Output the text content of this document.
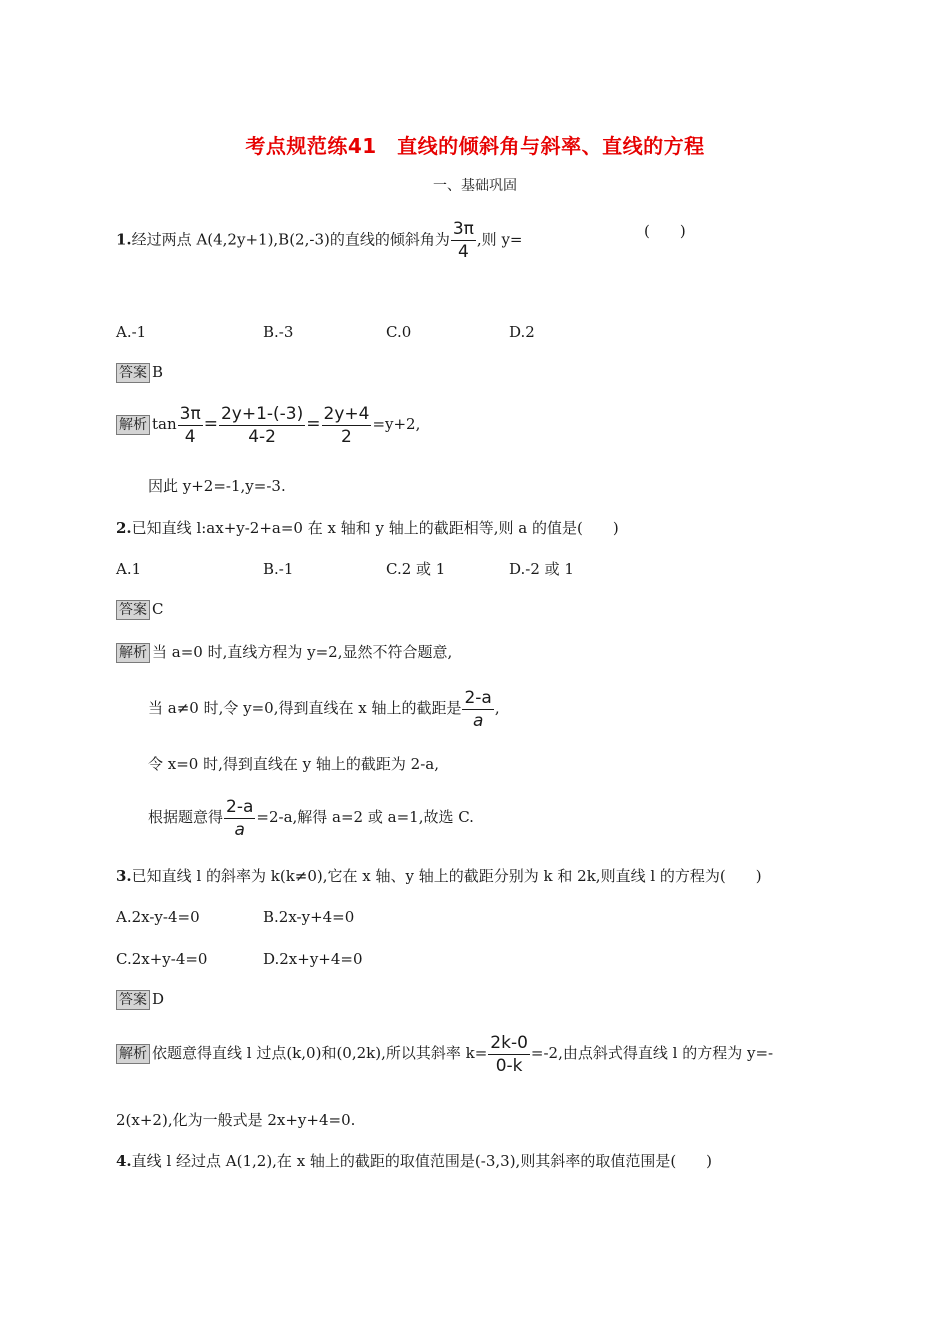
考点规范练41　直线的倾斜角与斜率、直线的方程
一、基础巩固
1.经过两点 A(4,2y+1),B(2,-3)的直线的倾斜角为 $\frac{3\pi}{4}$ ,则 y=	(　　)
A.-1	B.-3	C.0	D.2
答案 B
解析 $\tan \frac{3\pi}{4} = \frac{2y+1-(-3)}{4-2} = \frac{2y+4}{2} =y+2$,
因此 y+2=-1,y=-3.
2.已知直线 l:ax+y-2+a=0 在 x 轴和 y 轴上的截距相等,则 a 的值是(　　)
A.1	B.-1	C.2 或 1	D.-2 或 1
答案 C
解析 当 a=0 时,直线方程为 y=2,显然不符合题意,
当 a≠0 时,令 y=0,得到直线在 x 轴上的截距是 $\frac{2-a}{a}$ ,
令 x=0 时,得到直线在 y 轴上的截距为 2-a,
根据题意得 $\frac{2-a}{a} =2-a$,解得 a=2 或 a=1,故选 C.
3.已知直线 l 的斜率为 k(k≠0),它在 x 轴、y 轴上的截距分别为 k 和 2k,则直线 l 的方程为(　　)
A.2x-y-4=0	B.2x-y+4=0
C.2x+y-4=0	D.2x+y+4=0
答案 D
解析 依题意得直线 l 过点(k,0)和(0,2k),所以其斜率 $k= \frac{2k-0}{0-k} =-2$,由点斜式得直线 l 的方程为 y=-
2(x+2),化为一般式是 2x+y+4=0.
4.直线 l 经过点 A(1,2),在 x 轴上的截距的取值范围是(-3,3),则其斜率的取值范围是(　　)
